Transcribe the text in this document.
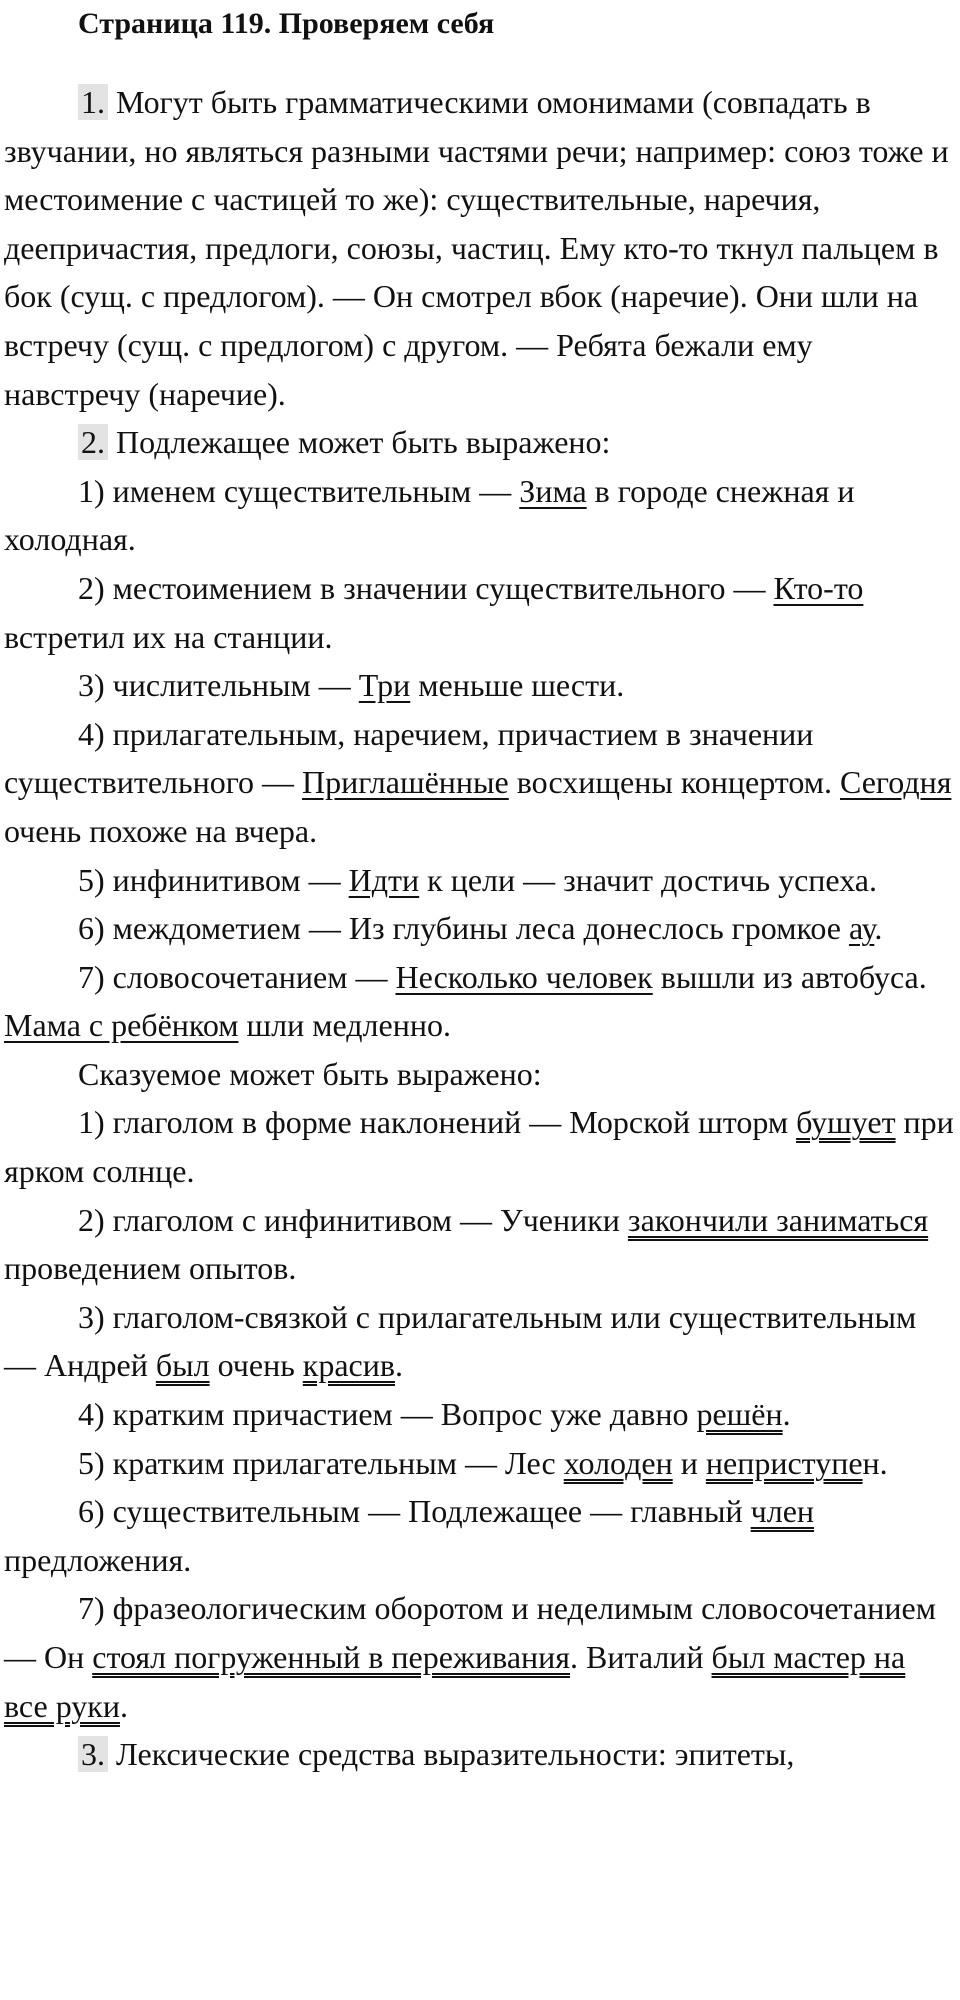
Страница 119. Проверяем себя

1. Могут быть грамматическими омонимами (совпадать в звучании, но являться разными частями речи; например: союз тоже и местоимение с частицей то же): существительные, наречия, деепричастия, предлоги, союзы, частиц. Ему кто-то ткнул пальцем в бок (сущ. с предлогом). — Он смотрел вбок (наречие). Они шли на встречу (сущ. с предлогом) с другом. — Ребята бежали ему навстречу (наречие).

2. Подлежащее может быть выражено:

1) именем существительным — Зима в городе снежная и холодная.

2) местоимением в значении существительного — Кто-то встретил их на станции.

3) числительным — Три меньше шести.

4) прилагательным, наречием, причастием в значении существительного — Приглашённые восхищены концертом. Сегодня очень похоже на вчера.

5) инфинитивом — Идти к цели — значит достичь успеха.

6) междометием — Из глубины леса донеслось громкое ау.

7) словосочетанием — Несколько человек вышли из автобуса. Мама с ребёнком шли медленно.

Сказуемое может быть выражено:

1) глаголом в форме наклонений — Морской шторм бушует при ярком солнце.

2) глаголом с инфинитивом — Ученики закончили заниматься проведением опытов.

3) глаголом-связкой с прилагательным или существительным — Андрей был очень красив.

4) кратким причастием — Вопрос уже давно решён.

5) кратким прилагательным — Лес холоден и неприступен.

6) существительным — Подлежащее — главный член предложения.

7) фразеологическим оборотом и неделимым словосочетанием — Он стоял погруженный в переживания. Виталий был мастер на все руки.

3. Лексические средства выразительности: эпитеты,
